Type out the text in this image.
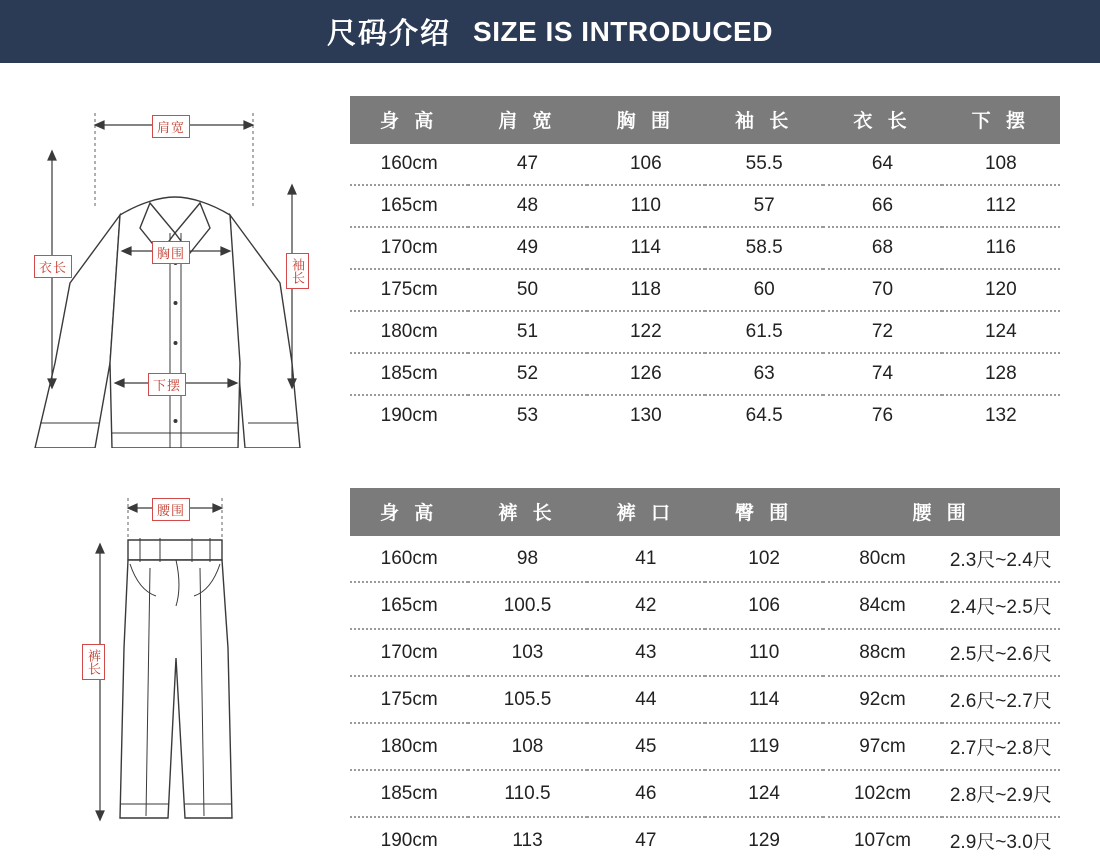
尺码介绍 SIZE IS INTRODUCED
肩宽
胸围
下摆
衣长	袖长
身 高	肩 宽	胸 围	袖 长	衣 长	下 摆
160cm	47	106	55.5	64	108
165cm	48	110	57	66	112
170cm	49	114	58.5	68	116
175cm	50	118	60	70	120
180cm	51	122	61.5	72	124
185cm	52	126	63	74	128
190cm	53	130	64.5	76	132
腰围
裤长
身 高	裤 长	裤 口	臀 围	腰 围	
160cm	98	41	102	80cm	2.3尺~2.4尺
165cm	100.5	42	106	84cm	2.4尺~2.5尺
170cm	103	43	110	88cm	2.5尺~2.6尺
175cm	105.5	44	114	92cm	2.6尺~2.7尺
180cm	108	45	119	97cm	2.7尺~2.8尺
185cm	110.5	46	124	102cm	2.8尺~2.9尺
190cm	113	47	129	107cm	2.9尺~3.0尺
